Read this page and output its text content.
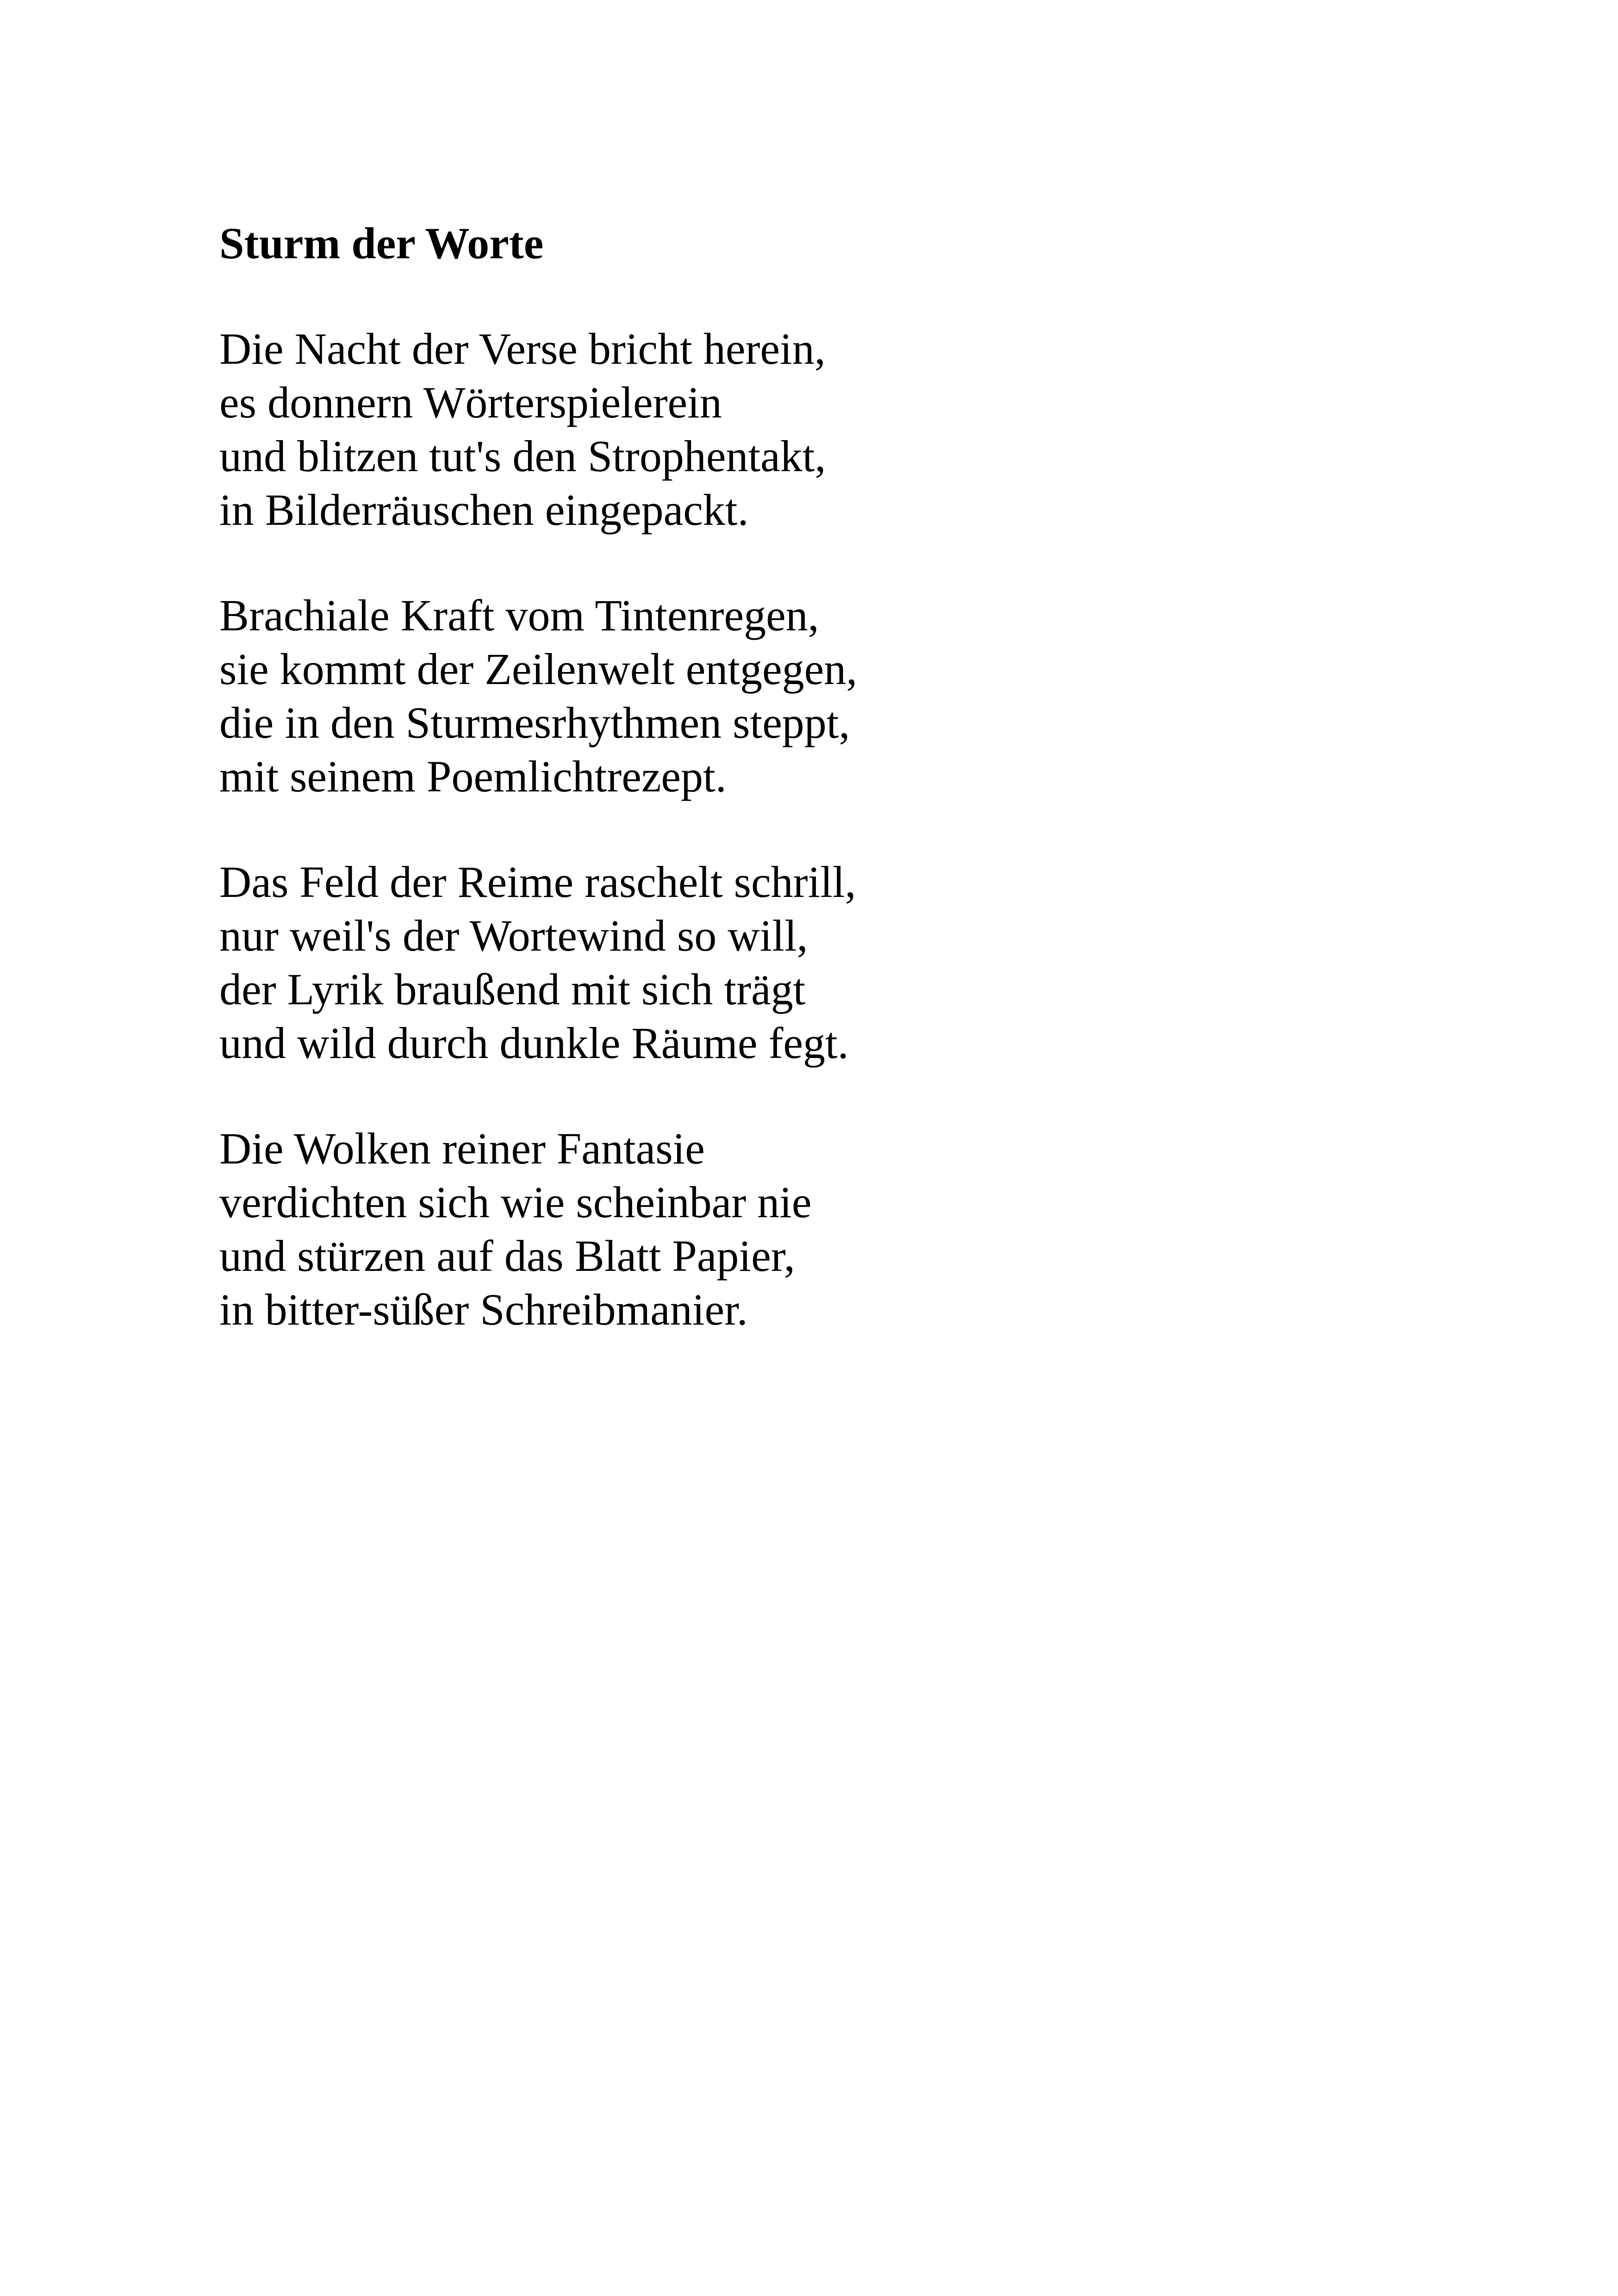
Sturm der Worte
Die Nacht der Verse bricht herein,
es donnern Wörterspielerein
und blitzen tut's den Strophentakt,
in Bilderräuschen eingepackt.
Brachiale Kraft vom Tintenregen,
sie kommt der Zeilenwelt entgegen,
die in den Sturmesrhythmen steppt,
mit seinem Poemlichtrezept.
Das Feld der Reime raschelt schrill,
nur weil's der Wortewind so will,
der Lyrik braußend mit sich trägt
und wild durch dunkle Räume fegt.
Die Wolken reiner Fantasie
verdichten sich wie scheinbar nie
und stürzen auf das Blatt Papier,
in bitter-süßer Schreibmanier.
